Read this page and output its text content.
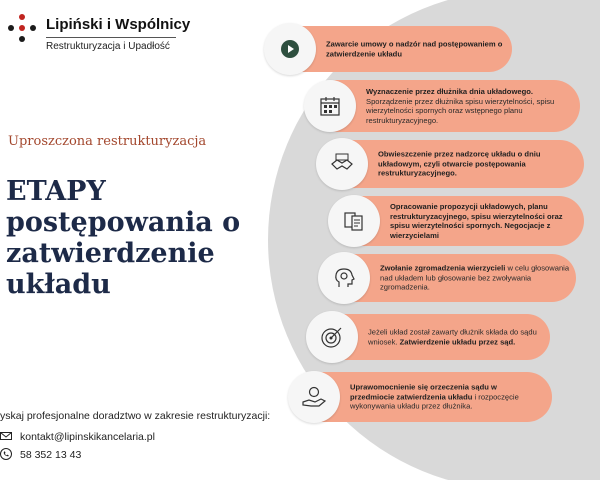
Lipiński i Wspólnicy
Restrukturyzacja i Upadłość
Uproszczona restrukturyzacja
ETAPY postępowania o zatwierdzenie układu
yskaj profesjonalne doradztwo w zakresie restrukturyzacji:
kontakt@lipinskikancelaria.pl
58 352 13 43
Zawarcie umowy o nadzór nad postępowaniem o zatwierdzenie układu
Wyznaczenie przez dłużnika dnia układowego.
Sporządzenie przez dłużnika spisu wierzytelności, spisu wierzytelności spornych oraz wstępnego planu restrukturyzacyjnego.
Obwieszczenie przez nadzorcę układu o dniu układowym, czyli otwarcie postępowania restrukturyzacyjnego.
Opracowanie propozycji układowych, planu restrukturyzacyjnego, spisu wierzytelności oraz spisu wierzytelności spornych. Negocjacje z wierzycielami
Zwołanie zgromadzenia wierzycieli w celu głosowania nad układem lub głosowanie bez zwoływania zgromadzenia.
Jeżeli układ został zawarty dłużnik składa do sądu wniosek. Zatwierdzenie układu przez sąd.
Uprawomocnienie się orzeczenia sądu w przedmiocie zatwierdzenia układu i rozpoczęcie wykonywania układu przez dłużnika.
